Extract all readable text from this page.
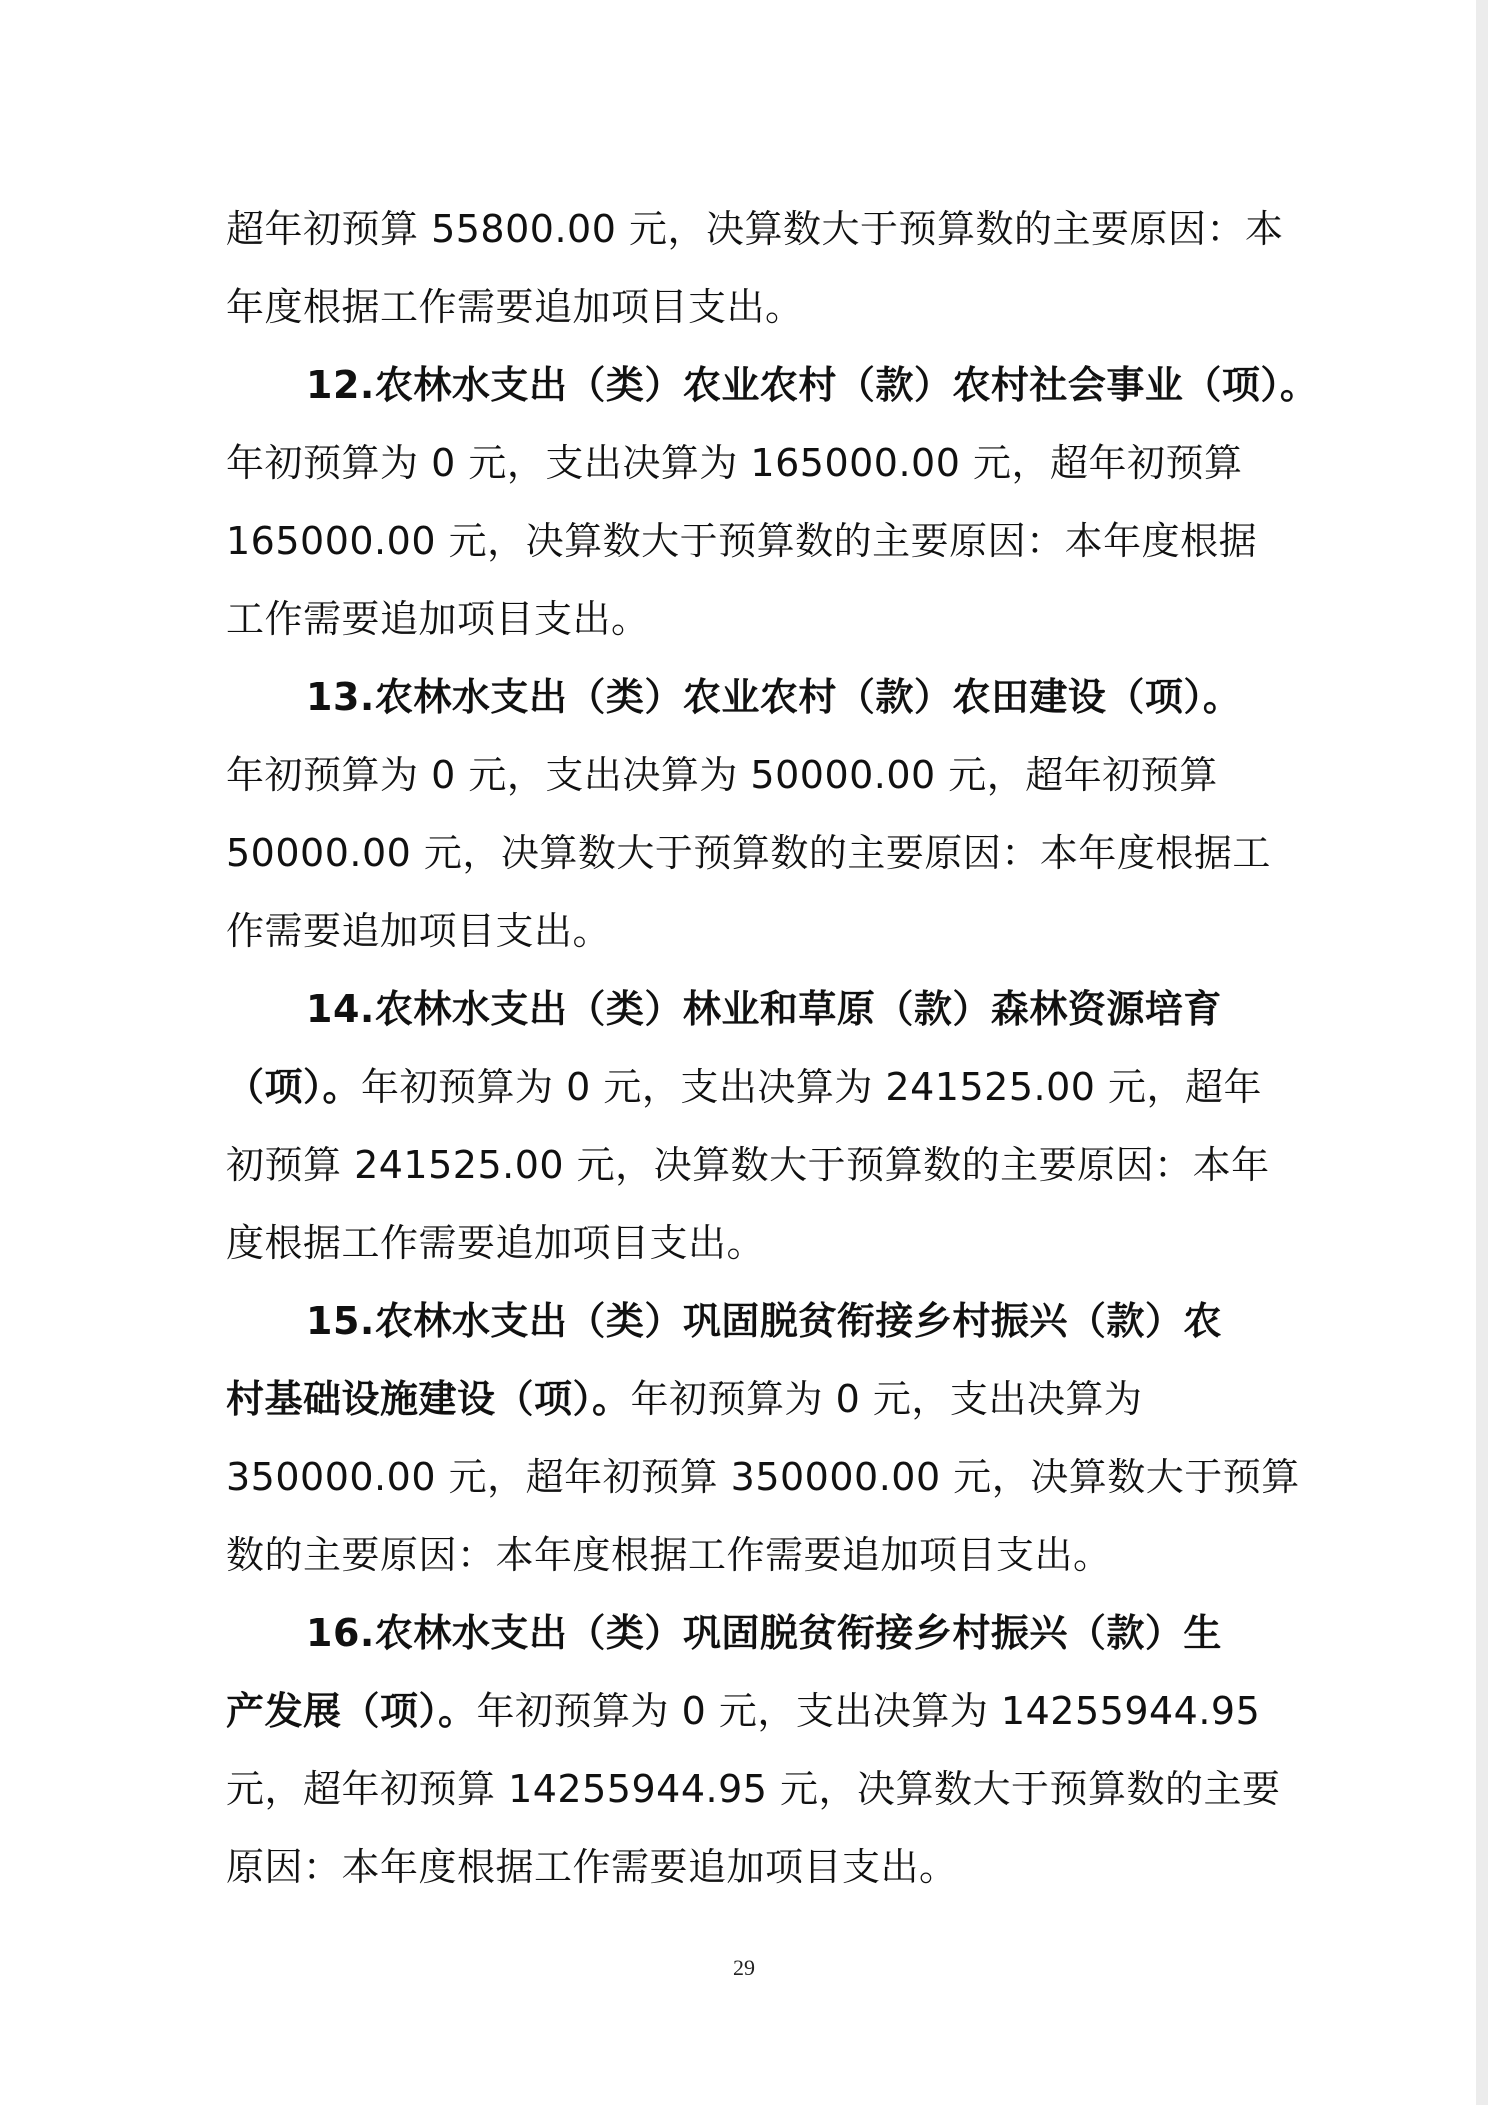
超年初预算 55800.00 元，决算数大于预算数的主要原因：本
年度根据工作需要追加项目支出。
12.农林水支出（类）农业农村（款）农村社会事业（项）。
年初预算为 0 元，支出决算为 165000.00 元，超年初预算
165000.00 元，决算数大于预算数的主要原因：本年度根据
工作需要追加项目支出。
13.农林水支出（类）农业农村（款）农田建设（项）。
年初预算为 0 元，支出决算为 50000.00 元，超年初预算
50000.00 元，决算数大于预算数的主要原因：本年度根据工
作需要追加项目支出。
14.农林水支出（类）林业和草原（款）森林资源培育
（项）。年初预算为 0 元，支出决算为 241525.00 元，超年
初预算 241525.00 元，决算数大于预算数的主要原因：本年
度根据工作需要追加项目支出。
15.农林水支出（类）巩固脱贫衔接乡村振兴（款）农
村基础设施建设（项）。年初预算为 0 元，支出决算为
350000.00 元，超年初预算 350000.00 元，决算数大于预算
数的主要原因：本年度根据工作需要追加项目支出。
16.农林水支出（类）巩固脱贫衔接乡村振兴（款）生
产发展（项）。年初预算为 0 元，支出决算为 14255944.95
元，超年初预算 14255944.95 元，决算数大于预算数的主要
原因：本年度根据工作需要追加项目支出。
29
